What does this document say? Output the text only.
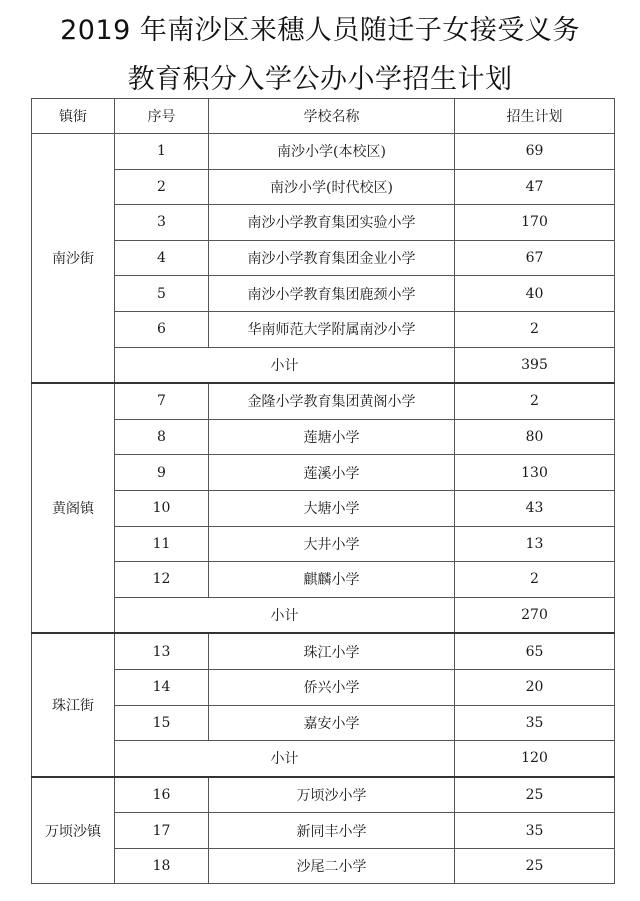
2019 年南沙区来穗人员随迁子女接受义务
教育积分入学公办小学招生计划
镇街	序号	学校名称	招生计划
南沙街	1	南沙小学(本校区)	69
	2	南沙小学(时代校区)	47
	3	南沙小学教育集团实验小学	170
	4	南沙小学教育集团金业小学	67
	5	南沙小学教育集团鹿颈小学	40
	6	华南师范大学附属南沙小学	2
	小计		395
黄阁镇	7	金隆小学教育集团黄阁小学	2
	8	莲塘小学	80
	9	莲溪小学	130
	10	大塘小学	43
	11	大井小学	13
	12	麒麟小学	2
	小计		270
珠江街	13	珠江小学	65
	14	侨兴小学	20
	15	嘉安小学	35
	小计		120
万顷沙镇	16	万顷沙小学	25
	17	新同丰小学	35
	18	沙尾二小学	25
